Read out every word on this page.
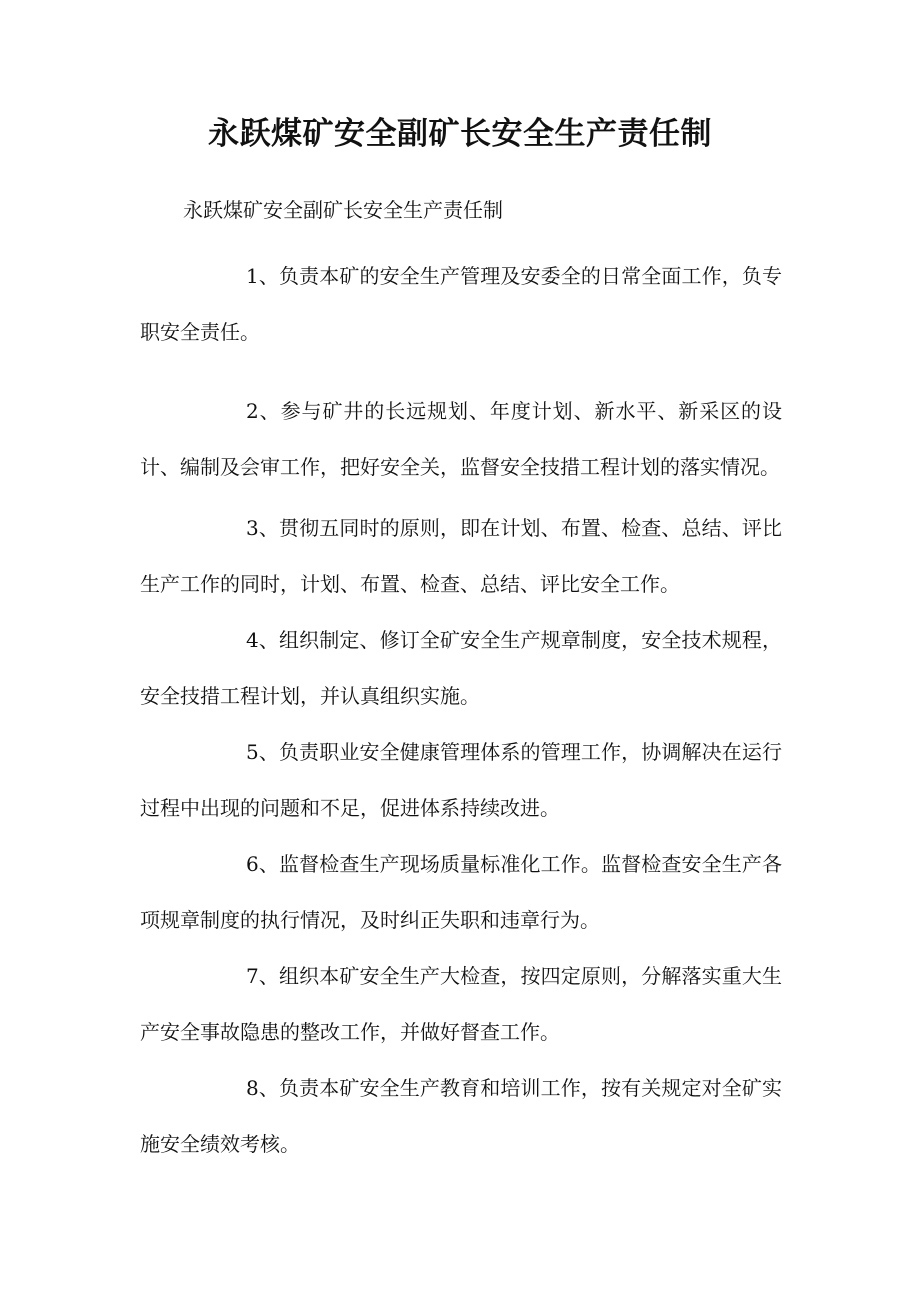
永跃煤矿安全副矿长安全生产责任制

永跃煤矿安全副矿长安全生产责任制

1、负责本矿的安全生产管理及安委全的日常全面工作，负专职安全责任。

2、参与矿井的长远规划、年度计划、新水平、新采区的设计、编制及会审工作，把好安全关，监督安全技措工程计划的落实情况。

3、贯彻五同时的原则，即在计划、布置、检查、总结、评比生产工作的同时，计划、布置、检查、总结、评比安全工作。

4、组织制定、修订全矿安全生产规章制度，安全技术规程，安全技措工程计划，并认真组织实施。

5、负责职业安全健康管理体系的管理工作，协调解决在运行过程中出现的问题和不足，促进体系持续改进。

6、监督检查生产现场质量标准化工作。监督检查安全生产各项规章制度的执行情况，及时纠正失职和违章行为。

7、组织本矿安全生产大检查，按四定原则，分解落实重大生产安全事故隐患的整改工作，并做好督查工作。

8、负责本矿安全生产教育和培训工作，按有关规定对全矿实施安全绩效考核。
